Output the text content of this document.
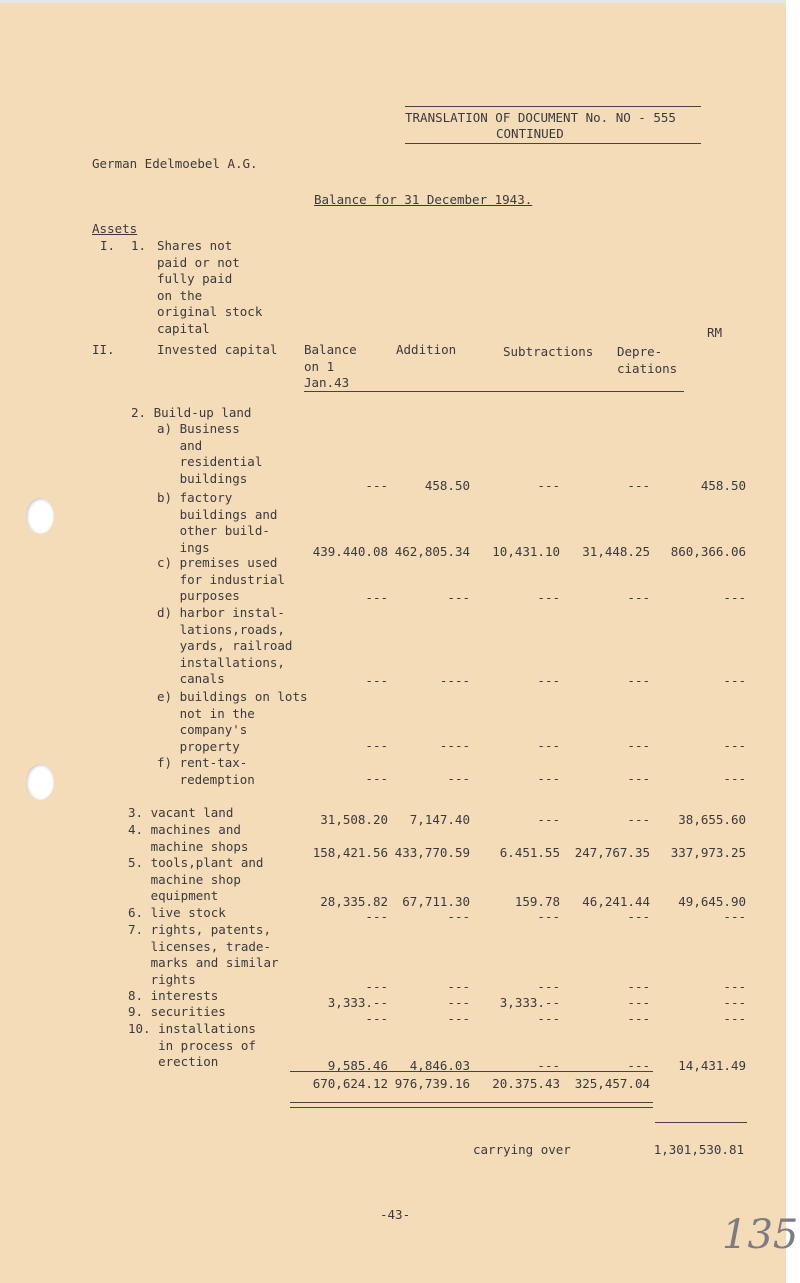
TRANSLATION OF DOCUMENT No. NO - 555
CONTINUED
German Edelmoebel A.G.
Balance for 31 December 1943.
Assets
I. 1. Shares not
paid or not
fully paid
on the
original stock
capital
II.	Invested capital Balance
on 1
Jan.43
Addition	Subtractions Depre-
ciations
RM
2. Build-up land
a) Business
and
residential
buildings	---	458.50	---	---	458.50
b) factory
buildings and
other build-
ings	439.440.08 462,805.34	10,431.10	31,448.25	860,366.06
c) premises used
for industrial
purposes	---	---	---	---	---
d) harbor instal-
lations,roads,
yards, railroad
installations,
canals	---	----	---	---	---
e) buildings on lots
not in the
company's
property	---	----	---	---	---
f) rent-tax-
redemption	---	---	---	---	---
3. vacant land	31,508.20	7,147.40	---	---	38,655.60
4. machines and
machine shops	158,421.56 433,770.59	6.451.55	247,767.35	337,973.25
5. tools,plant and
machine shop
equipment	28,335.82	67,711.30	159.78	46,241.44	49,645.90
6. live stock	---	---	---	---	---
7. rights, patents,
licenses, trade-
marks and similar
rights	---	---	---	---	---
8. interests	3,333.--	---	3,333.--	---	---
9. securities	---	---	---	---	---
10. installations
in process of
erection	9,585.46	4,846.03	---	---	14,431.49
670,624.12 976,739.16	20.375.43	325,457.04
carrying over	1,301,530.81
-43-	135
